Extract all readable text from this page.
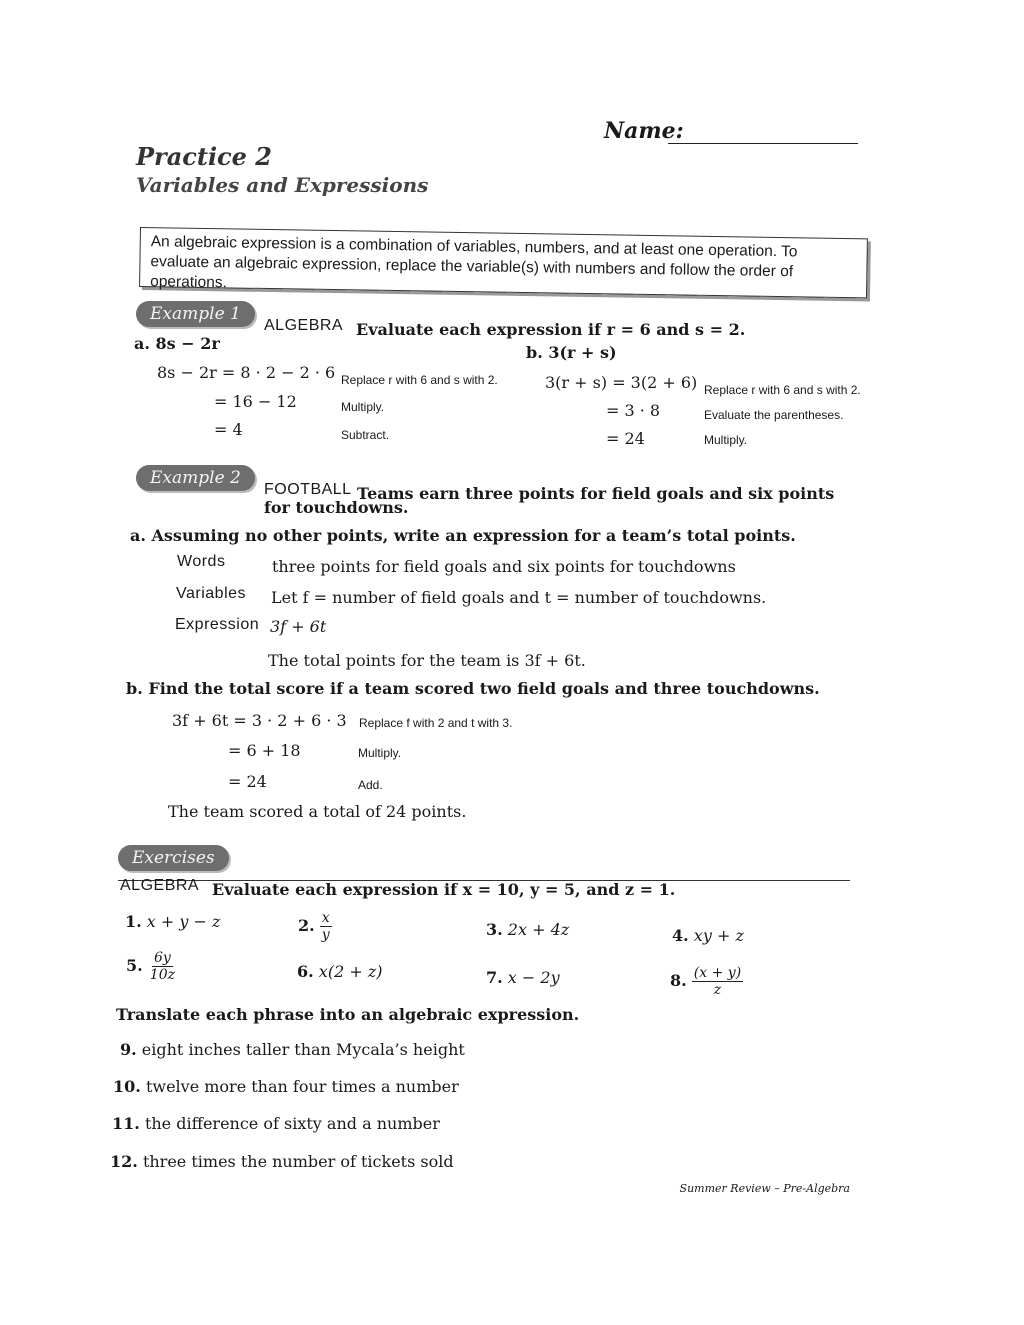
Name:
Practice 2
Variables and Expressions

An algebraic expression is a combination of variables, numbers, and at least one operation. To evaluate an algebraic expression, replace the variable(s) with numbers and follow the order of operations.

Example 1
ALGEBRA Evaluate each expression if r = 6 and s = 2.
a. 8s − 2r
8s − 2r = 8 · 2 − 2 · 6 Replace r with 6 and s with 2.
= 16 − 12	Multiply.
= 4	Subtract.
b. 3(r + s)
3(r + s) = 3(2 + 6) Replace r with 6 and s with 2.
= 3 · 8	Evaluate the parentheses.
= 24	Multiply.
Example 2
FOOTBALL Teams earn three points for field goals and six points
for touchdowns.
a. Assuming no other points, write an expression for a team’s total points.
Words	three points for field goals and six points for touchdowns
Variables Let f = number of field goals and t = number of touchdowns.
Expression 3f + 6t
The total points for the team is 3f + 6t.
b. Find the total score if a team scored two field goals and three touchdowns.
3f + 6t = 3 · 2 + 6 · 3 Replace f with 2 and t with 3.
= 6 + 18	Multiply.
= 24	Add.
The team scored a total of 24 points.
Exercises
ALGEBRA Evaluate each expression if x = 10, y = 5, and z = 1.
1. x + y − z	2. $\frac{x}{y}$	3. 2x + 4z	4. xy + z
5. $\frac{6y}{10z}$	6. x(2 + z)	7. x − 2y	8. $\frac{(x + y)}{z}$
Translate each phrase into an algebraic expression.
9. eight inches taller than Mycala’s height
10. twelve more than four times a number
11. the difference of sixty and a number
12. three times the number of tickets sold
Summer Review – Pre-Algebra
